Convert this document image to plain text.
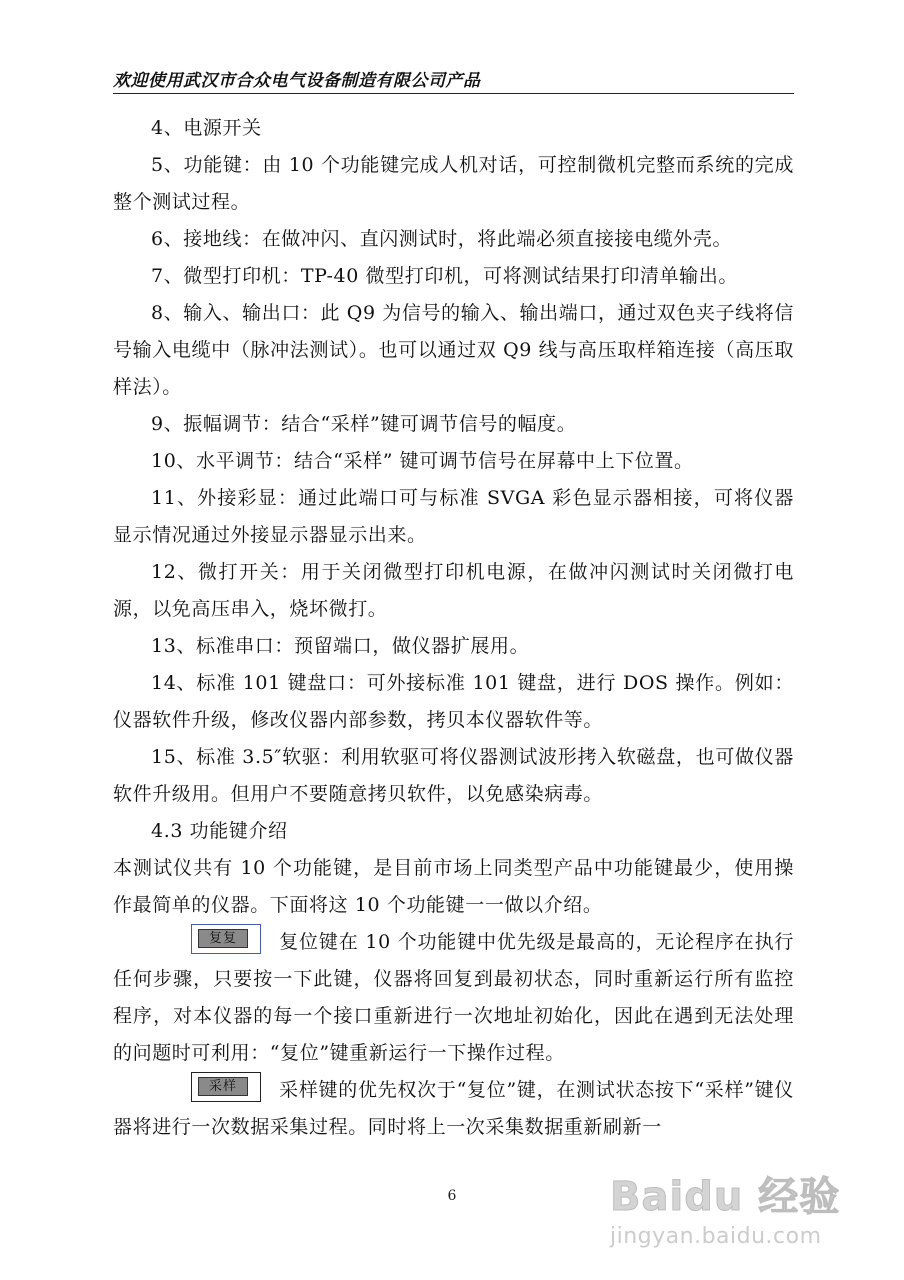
欢迎使用武汉市合众电气设备制造有限公司产品

4、电源开关

5、功能键：由 10 个功能键完成人机对话，可控制微机完整而系统的完成整个测试过程。

6、接地线：在做冲闪、直闪测试时，将此端必须直接接电缆外壳。

7、微型打印机：TP-40 微型打印机，可将测试结果打印清单输出。

8、输入、输出口：此 Q9 为信号的输入、输出端口，通过双色夹子线将信号输入电缆中（脉冲法测试）。也可以通过双 Q9 线与高压取样箱连接（高压取样法）。

9、振幅调节：结合“采样”键可调节信号的幅度。

10、水平调节：结合“采样” 键可调节信号在屏幕中上下位置。

11、外接彩显：通过此端口可与标准 SVGA 彩色显示器相接，可将仪器显示情况通过外接显示器显示出来。

12、微打开关：用于关闭微型打印机电源，在做冲闪测试时关闭微打电源，以免高压串入，烧坏微打。

13、标准串口：预留端口，做仪器扩展用。

14、标准 101 键盘口：可外接标准 101 键盘，进行 DOS 操作。例如：仪器软件升级，修改仪器内部参数，拷贝本仪器软件等。

15、标准 3.5″软驱：利用软驱可将仪器测试波形拷入软磁盘，也可做仪器软件升级用。但用户不要随意拷贝软件，以免感染病毒。

4.3 功能键介绍

本测试仪共有 10 个功能键，是目前市场上同类型产品中功能键最少，使用操作最简单的仪器。下面将这 10 个功能键一一做以介绍。

复复	复位键在 10 个功能键中优先级是最高的，无论程序在执行任何步骤，只要按一下此键，仪器将回复到最初状态，同时重新运行所有监控程序，对本仪器的每一个接口重新进行一次地址初始化，因此在遇到无法处理的问题时可利用：“复位”键重新运行一下操作过程。

采样	采样键的优先权次于“复位”键，在测试状态按下“采样”键仪器将进行一次数据采集过程。同时将上一次采集数据重新刷新一

6	Baidu 经验
jingyan.baidu.com
